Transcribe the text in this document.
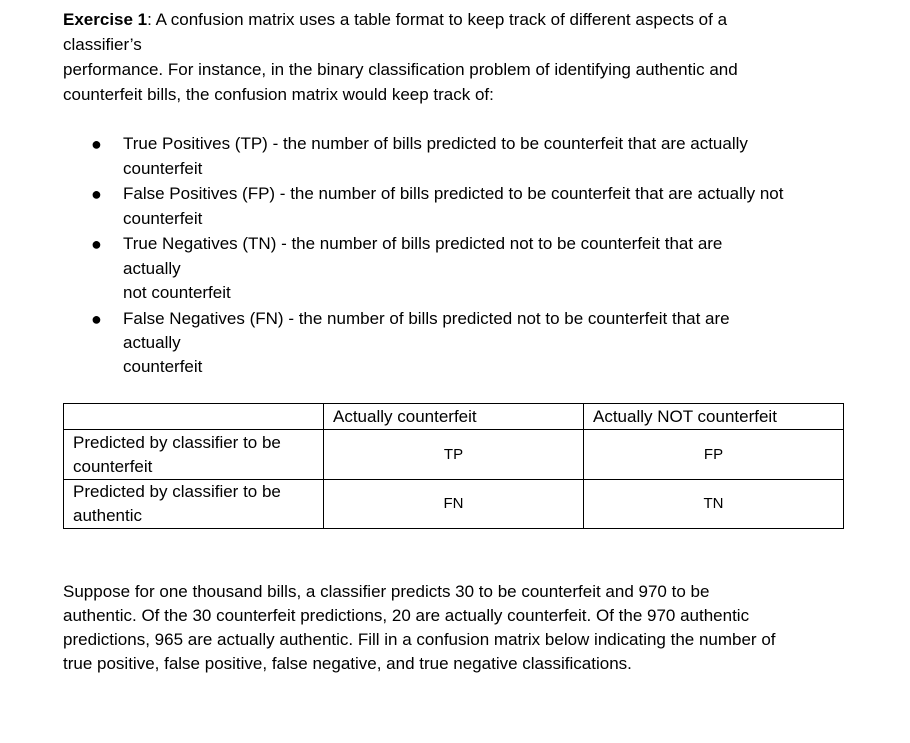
Exercise 1: A confusion matrix uses a table format to keep track of different aspects of a
classifier’s
performance. For instance, in the binary classification problem of identifying authentic and
counterfeit bills, the confusion matrix would keep track of:
● True Positives (TP) - the number of bills predicted to be counterfeit that are actually
counterfeit
● False Positives (FP) - the number of bills predicted to be counterfeit that are actually not
counterfeit
● True Negatives (TN) - the number of bills predicted not to be counterfeit that are
actually
not counterfeit
● False Negatives (FN) - the number of bills predicted not to be counterfeit that are
actually
counterfeit
	Actually counterfeit	Actually NOT counterfeit

Predicted by classifier to be
counterfeit	TP	FP

Predicted by classifier to be
authentic	FN	TN
Suppose for one thousand bills, a classifier predicts 30 to be counterfeit and 970 to be
authentic. Of the 30 counterfeit predictions, 20 are actually counterfeit. Of the 970 authentic
predictions, 965 are actually authentic. Fill in a confusion matrix below indicating the number of
true positive, false positive, false negative, and true negative classifications.
